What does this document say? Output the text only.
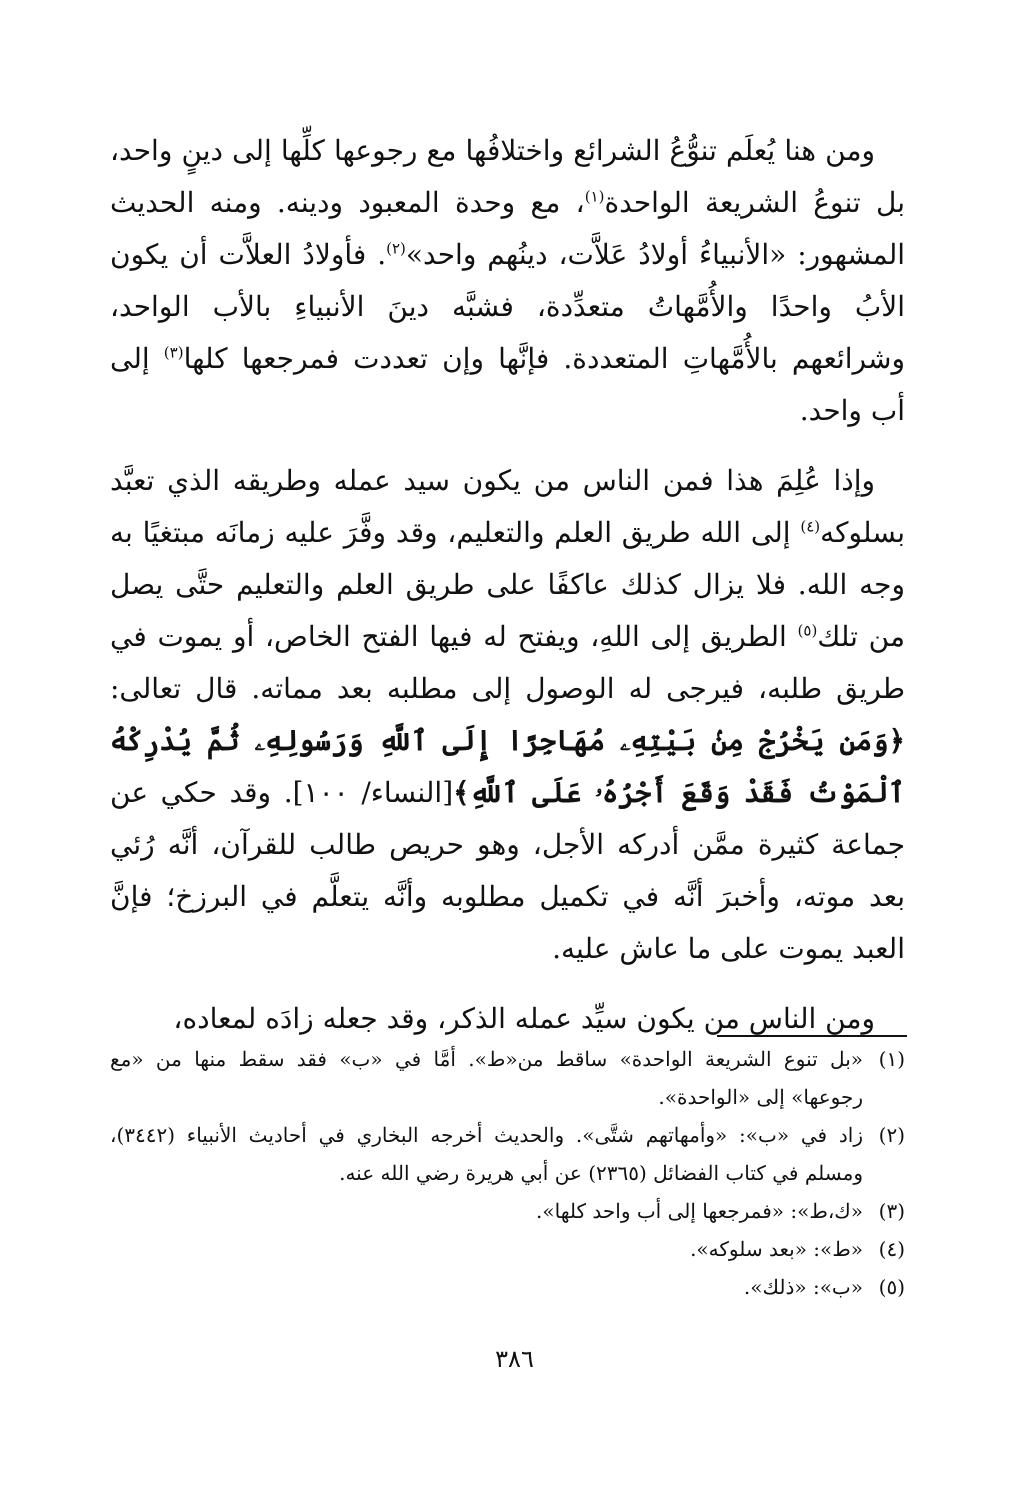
ومن هنا يُعلَم تنوُّعُ الشرائع واختلافُها مع رجوعها كلِّها إلى دينٍ واحد، بل تنوعُ الشريعة الواحدة$^{(١)}$، مع وحدة المعبود ودينه. ومنه الحديث المشهور: «الأنبياءُ أولادُ عَلاَّت، دينُهم واحد»$^{(٢)}$. فأولادُ العلاَّت أن يكون الأبُ واحدًا والأُمَّهاتُ متعدِّدة، فشبَّه دينَ الأنبياءِ بالأب الواحد، وشرائعهم بالأُمَّهاتِ المتعددة. فإنَّها وإن تعددت فمرجعها كلها$^{(٣)}$ إلى أب واحد.

وإذا عُلِمَ هذا فمن الناس من يكون سيد عمله وطريقه الذي تعبَّد بسلوكه$^{(٤)}$ إلى الله طريق العلم والتعليم، وقد وفَّرَ عليه زمانَه مبتغيًا به وجه الله. فلا يزال كذلك عاكفًا على طريق العلم والتعليم حتَّى يصل من تلك$^{(٥)}$ الطريق إلى اللهِ، ويفتح له فيها الفتح الخاص، أو يموت في طريق طلبه، فيرجى له الوصول إلى مطلبه بعد مماته. قال تعالى: ﴿وَمَن يَخْرُجْ مِنۢ بَيْتِهِۦ مُهَاجِرًا إِلَى ٱللَّهِ وَرَسُولِهِۦ ثُمَّ يُدْرِكْهُ ٱلْمَوْتُ فَقَدْ وَقَعَ أَجْرُهُۥ عَلَى ٱللَّهِ﴾[النساء/ ١٠٠]. وقد حكي عن جماعة كثيرة ممَّن أدركه الأجل، وهو حريص طالب للقرآن، أنَّه رُئي بعد موته، وأخبرَ أنَّه في تكميل مطلوبه وأنَّه يتعلَّم في البرزخ؛ فإنَّ العبد يموت على ما عاش عليه.

ومن الناس من يكون سيِّد عمله الذكر، وقد جعله زادَه لمعاده،

(١)
«بل تنوع الشريعة الواحدة» ساقط من«ط». أمَّا في «ب» فقد سقط منها من «مع رجوعها» إلى «الواحدة».
(٢)
زاد في «ب»: «وأمهاتهم شتَّى». والحديث أخرجه البخاري في أحاديث الأنبياء (٣٤٤٢)، ومسلم في كتاب الفضائل (٢٣٦٥) عن أبي هريرة رضي الله عنه.
(٣)
«ك،ط»: «فمرجعها إلى أب واحد كلها».
(٤)
«ط»: «بعد سلوكه».
(٥)
«ب»: «ذلك».
٣٨٦
